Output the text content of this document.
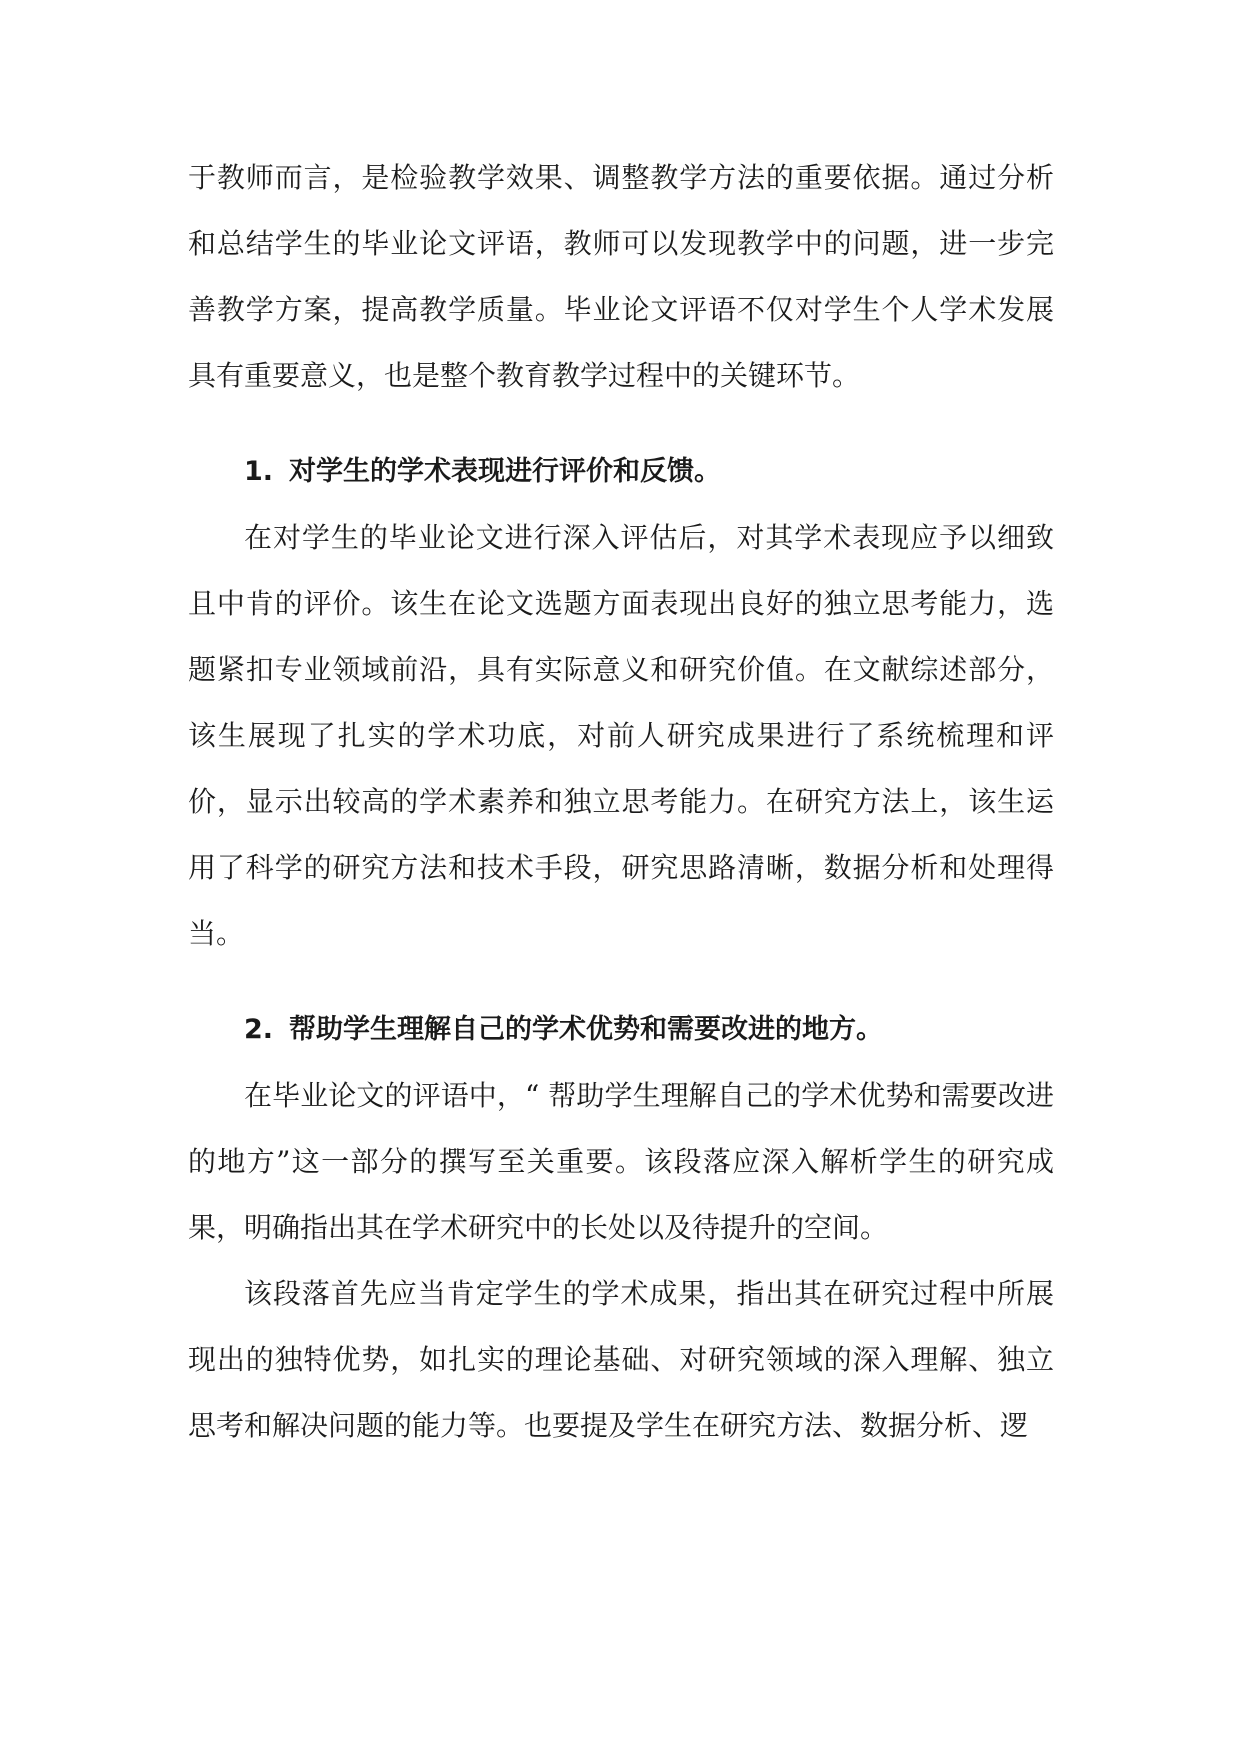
于教师而言，是检验教学效果、调整教学方法的重要依据。通过分析和总结学生的毕业论文评语，教师可以发现教学中的问题，进一步完善教学方案，提高教学质量。毕业论文评语不仅对学生个人学术发展具有重要意义，也是整个教育教学过程中的关键环节。

1. 对学生的学术表现进行评价和反馈。

在对学生的毕业论文进行深入评估后，对其学术表现应予以细致且中肯的评价。该生在论文选题方面表现出良好的独立思考能力，选题紧扣专业领域前沿，具有实际意义和研究价值。在文献综述部分，该生展现了扎实的学术功底，对前人研究成果进行了系统梳理和评价，显示出较高的学术素养和独立思考能力。在研究方法上，该生运用了科学的研究方法和技术手段，研究思路清晰，数据分析和处理得当。

2. 帮助学生理解自己的学术优势和需要改进的地方。

在毕业论文的评语中，“ 帮助学生理解自己的学术优势和需要改进的地方”这一部分的撰写至关重要。该段落应深入解析学生的研究成果，明确指出其在学术研究中的长处以及待提升的空间。

该段落首先应当肯定学生的学术成果，指出其在研究过程中所展现出的独特优势，如扎实的理论基础、对研究领域的深入理解、独立思考和解决问题的能力等。也要提及学生在研究方法、数据分析、逻
